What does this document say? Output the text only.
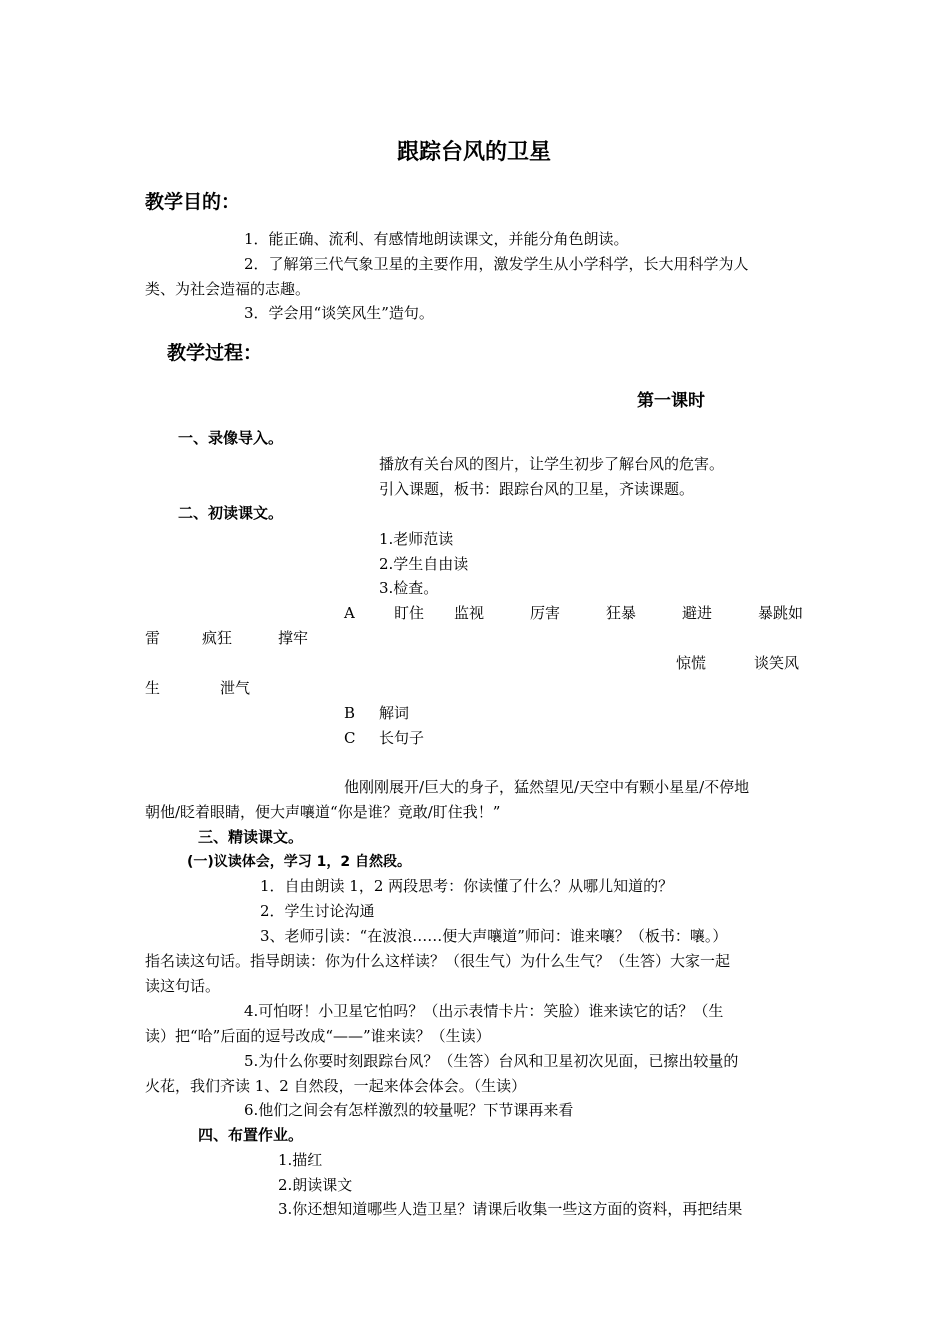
跟踪台风的卫星
教学目的：
1．能正确、流利、有感情地朗读课文，并能分角色朗读。
2．了解第三代气象卫星的主要作用，激发学生从小学科学，长大用科学为人
类、为社会造福的志趣。
3．学会用“谈笑风生”造句。
教学过程：
第一课时
一、录像导入。
播放有关台风的图片，让学生初步了解台风的危害。
引入课题，板书：跟踪台风的卫星，齐读课题。
二、初读课文。
1.老师范读
2.学生自由读
3.检查。
A	盯住 监视	厉害	狂暴	避进	暴跳如
雷	疯狂	撑牢
惊慌	谈笑风
生	泄气
B 解词
C 长句子
他刚刚展开/巨大的身子，猛然望见/天空中有颗小星星/不停地
朝他/眨着眼睛，便大声嚷道“你是谁？竟敢/盯住我！”
三、精读课文。
(一)议读体会，学习 1，2 自然段。
1．自由朗读 1，2 两段思考：你读懂了什么？从哪儿知道的？
2．学生讨论沟通
3、老师引读：“在波浪……便大声嚷道”师问：谁来嚷？（板书：嚷。）
指名读这句话。指导朗读：你为什么这样读？（很生气）为什么生气？（生答）大家一起
读这句话。
4.可怕呀！小卫星它怕吗？（出示表情卡片：笑脸）谁来读它的话？（生
读）把“哈”后面的逗号改成“——”谁来读？（生读）
5.为什么你要时刻跟踪台风？（生答）台风和卫星初次见面，已擦出较量的
火花，我们齐读 1、2 自然段，一起来体会体会。（生读）
6.他们之间会有怎样激烈的较量呢？下节课再来看
四、布置作业。
1.描红
2.朗读课文
3.你还想知道哪些人造卫星？请课后收集一些这方面的资料，再把结果
